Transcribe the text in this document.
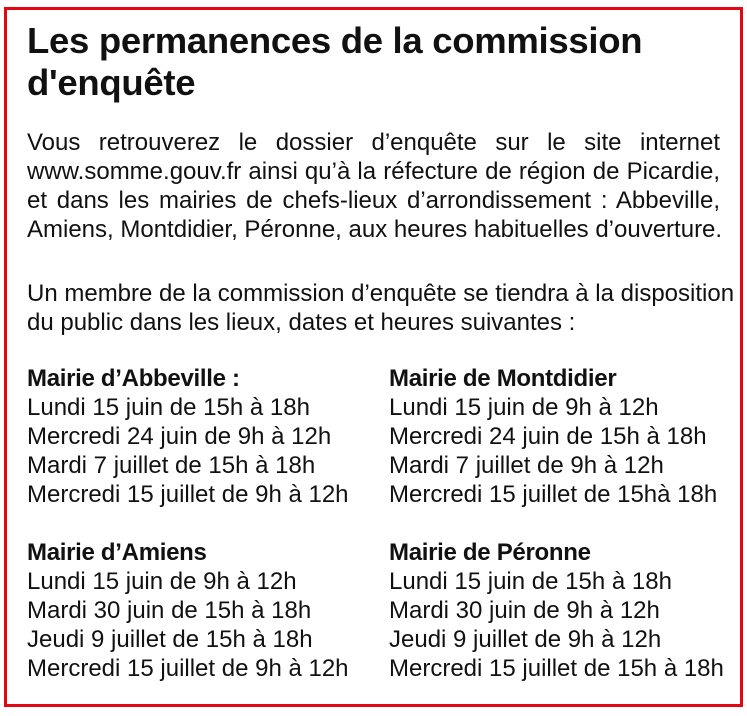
Les permanences de la commission d'enquête
Vous retrouverez le dossier d’enquête sur le site internet
www.somme.gouv.fr ainsi qu’à la réfecture de région de Picardie,
et dans les mairies de chefs-lieux d’arrondissement : Abbeville,
Amiens, Montdidier, Péronne, aux heures habituelles d’ouverture.
Un membre de la commission d’enquête se tiendra à la disposition
du public dans les lieux, dates et heures suivantes :
Mairie d’Abbeville :
Lundi 15 juin de 15h à 18h
Mercredi 24 juin de 9h à 12h
Mardi 7 juillet de 15h à 18h
Mercredi 15 juillet de 9h à 12h
Mairie de Montdidier
Lundi 15 juin de 9h à 12h
Mercredi 24 juin de 15h à 18h
Mardi 7 juillet de 9h à 12h
Mercredi 15 juillet de 15hà 18h
Mairie d’Amiens
Lundi 15 juin de 9h à 12h
Mardi 30 juin de 15h à 18h
Jeudi 9 juillet de 15h à 18h
Mercredi 15 juillet de 9h à 12h
Mairie de Péronne
Lundi 15 juin de 15h à 18h
Mardi 30 juin de 9h à 12h
Jeudi 9 juillet de 9h à 12h
Mercredi 15 juillet de 15h à 18h
